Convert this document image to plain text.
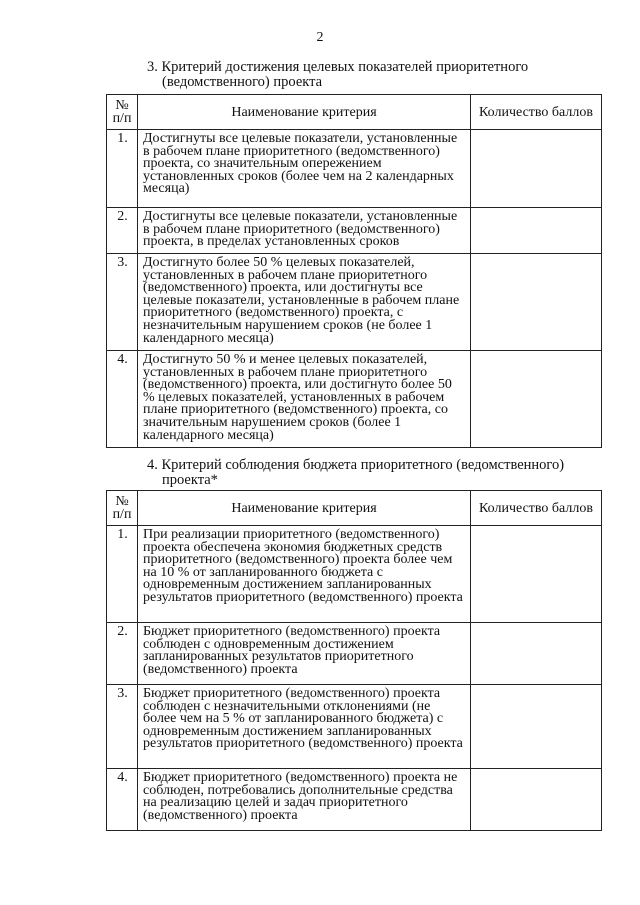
2
3. Критерий достижения целевых показателей приоритетного
(ведомственного) проекта
№ п/п	Наименование критерия	Количество баллов
1.	Достигнуты все целевые показатели, установленные в рабочем плане приоритетного (ведомственного) проекта, со значительным опережением установленных сроков (более чем на 2 календарных месяца)	
2.	Достигнуты все целевые показатели, установленные в рабочем плане приоритетного (ведомственного) проекта, в пределах установленных сроков	
3.	Достигнуто более 50 % целевых показателей, установленных в рабочем плане приоритетного (ведомственного) проекта, или достигнуты все целевые показатели, установленные в рабочем плане приоритетного (ведомственного) проекта, с незначительным нарушением сроков (не более 1 календарного месяца)	
4.	Достигнуто 50 % и менее целевых показателей, установленных в рабочем плане приоритетного (ведомственного) проекта, или достигнуто более 50 % целевых показателей, установленных в рабочем плане приоритетного (ведомственного) проекта, со значительным нарушением сроков (более 1 календарного месяца)	
4. Критерий соблюдения бюджета приоритетного (ведомственного)
проекта*
№ п/п	Наименование критерия	Количество баллов
1.	При реализации приоритетного (ведомственного) проекта обеспечена экономия бюджетных средств приоритетного (ведомственного) проекта более чем на 10 % от запланированного бюджета с одновременным достижением запланированных результатов приоритетного (ведомственного) проекта	
2.	Бюджет приоритетного (ведомственного) проекта соблюден с одновременным достижением запланированных результатов приоритетного (ведомственного) проекта	
3.	Бюджет приоритетного (ведомственного) проекта соблюден с незначительными отклонениями (не более чем на 5 % от запланированного бюджета) с одновременным достижением запланированных результатов приоритетного (ведомственного) проекта	
4.	Бюджет приоритетного (ведомственного) проекта не соблюден, потребовались дополнительные средства на реализацию целей и задач приоритетного (ведомственного) проекта	
